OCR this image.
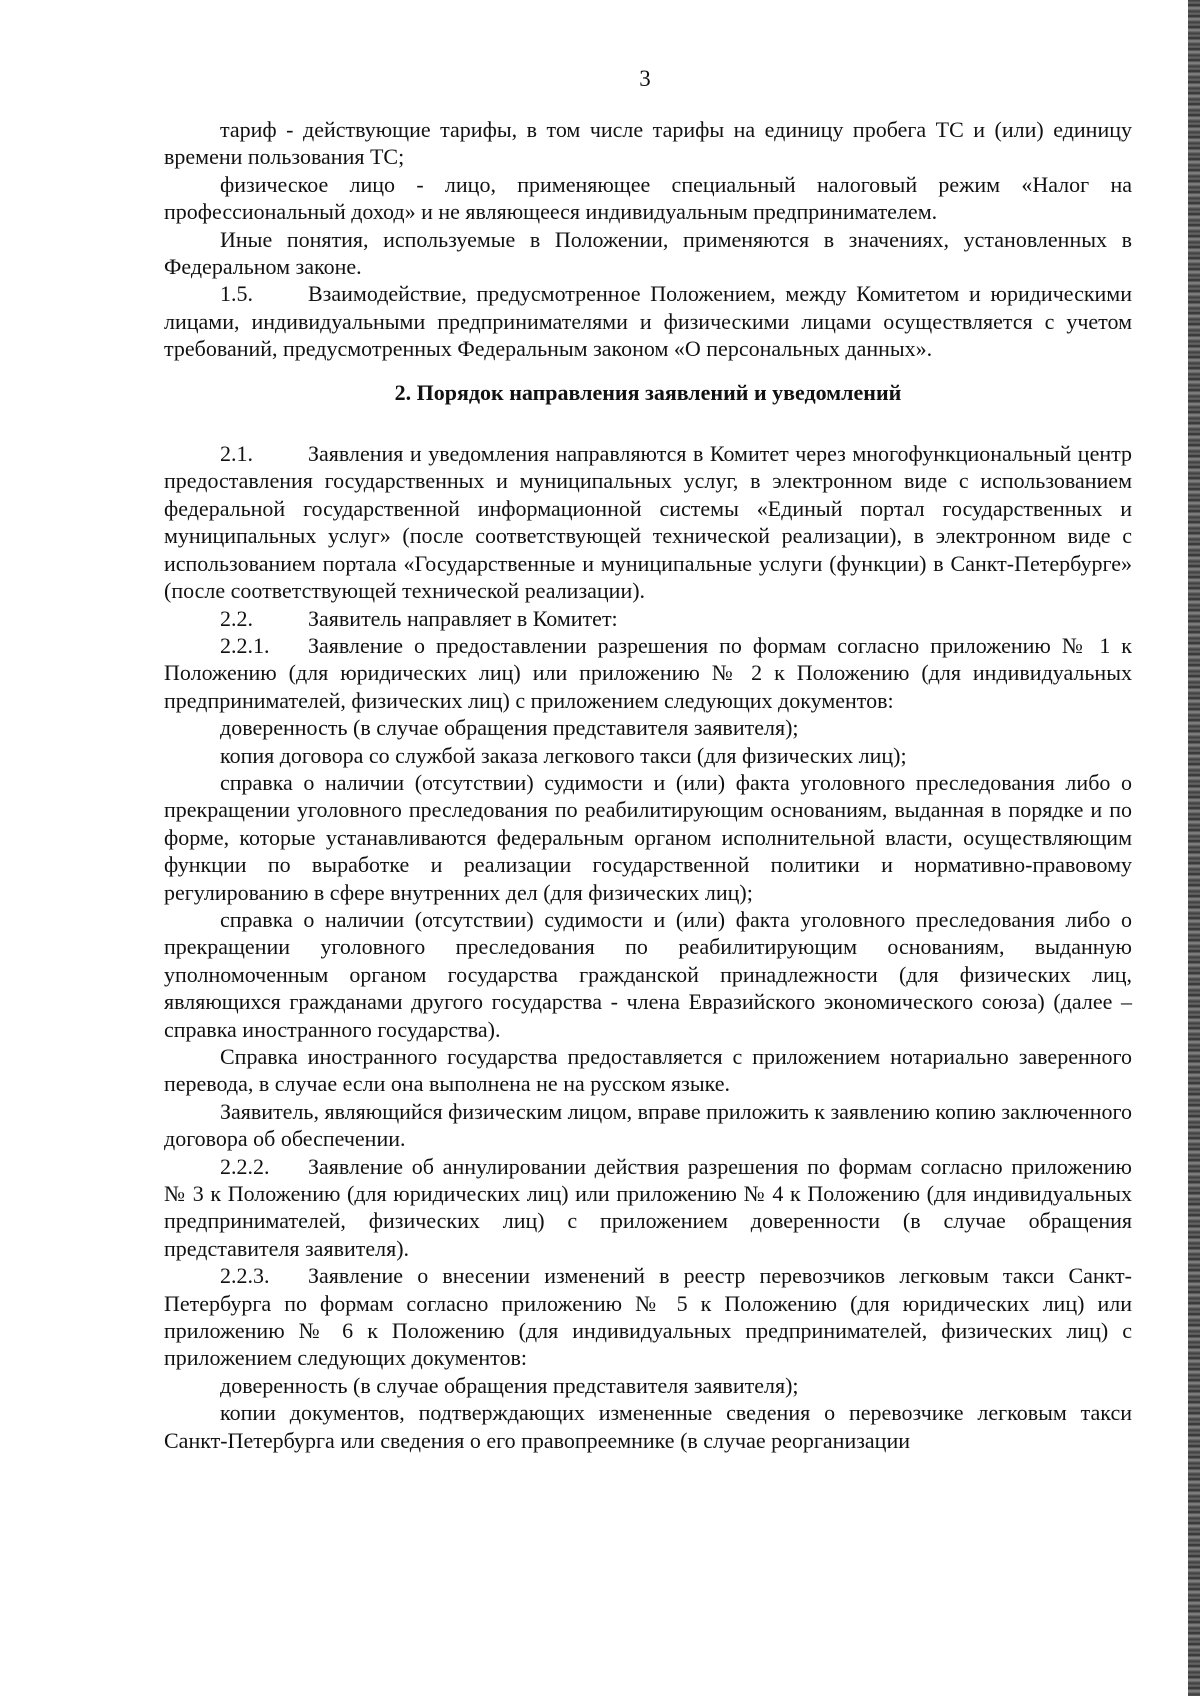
3

тариф - действующие тарифы, в том числе тарифы на единицу пробега ТС и (или) единицу времени пользования ТС;

физическое лицо - лицо, применяющее специальный налоговый режим «Налог на профессиональный доход» и не являющееся индивидуальным предпринимателем.

Иные понятия, используемые в Положении, применяются в значениях, установленных в Федеральном законе.

1.5.	Взаимодействие, предусмотренное Положением, между Комитетом и юридическими лицами, индивидуальными предпринимателями и физическими лицами осуществляется с учетом требований, предусмотренных Федеральным законом «О персональных данных».

2. Порядок направления заявлений и уведомлений

2.1.	Заявления и уведомления направляются в Комитет через многофункциональный центр предоставления государственных и муниципальных услуг, в электронном виде с использованием федеральной государственной информационной системы «Единый портал государственных и муниципальных услуг» (после соответствующей технической реализации), в электронном виде с использованием портала «Государственные и муниципальные услуги (функции) в Санкт-Петербурге» (после соответствующей технической реализации).

2.2.	Заявитель направляет в Комитет:

2.2.1. Заявление о предоставлении разрешения по формам согласно приложению № 1 к Положению (для юридических лиц) или приложению № 2 к Положению (для индивидуальных предпринимателей, физических лиц) с приложением следующих документов:

доверенность (в случае обращения представителя заявителя);

копия договора со службой заказа легкового такси (для физических лиц);

справка о наличии (отсутствии) судимости и (или) факта уголовного преследования либо о прекращении уголовного преследования по реабилитирующим основаниям, выданная в порядке и по форме, которые устанавливаются федеральным органом исполнительной власти, осуществляющим функции по выработке и реализации государственной политики и нормативно-правовому регулированию в сфере внутренних дел (для физических лиц);

справка о наличии (отсутствии) судимости и (или) факта уголовного преследования либо о прекращении уголовного преследования по реабилитирующим основаниям, выданную уполномоченным органом государства гражданской принадлежности (для физических лиц, являющихся гражданами другого государства - члена Евразийского экономического союза) (далее – справка иностранного государства).

Справка иностранного государства предоставляется с приложением нотариально заверенного перевода, в случае если она выполнена не на русском языке.

Заявитель, являющийся физическим лицом, вправе приложить к заявлению копию заключенного договора об обеспечении.

2.2.2. Заявление об аннулировании действия разрешения по формам согласно приложению № 3 к Положению (для юридических лиц) или приложению № 4 к Положению (для индивидуальных предпринимателей, физических лиц) с приложением доверенности (в случае обращения представителя заявителя).

2.2.3. Заявление о внесении изменений в реестр перевозчиков легковым такси Санкт-Петербурга по формам согласно приложению № 5 к Положению (для юридических лиц) или приложению № 6 к Положению (для индивидуальных предпринимателей, физических лиц) с приложением следующих документов:

доверенность (в случае обращения представителя заявителя);

копии документов, подтверждающих измененные сведения о перевозчике легковым такси Санкт-Петербурга или сведения о его правопреемнике (в случае реорганизации
